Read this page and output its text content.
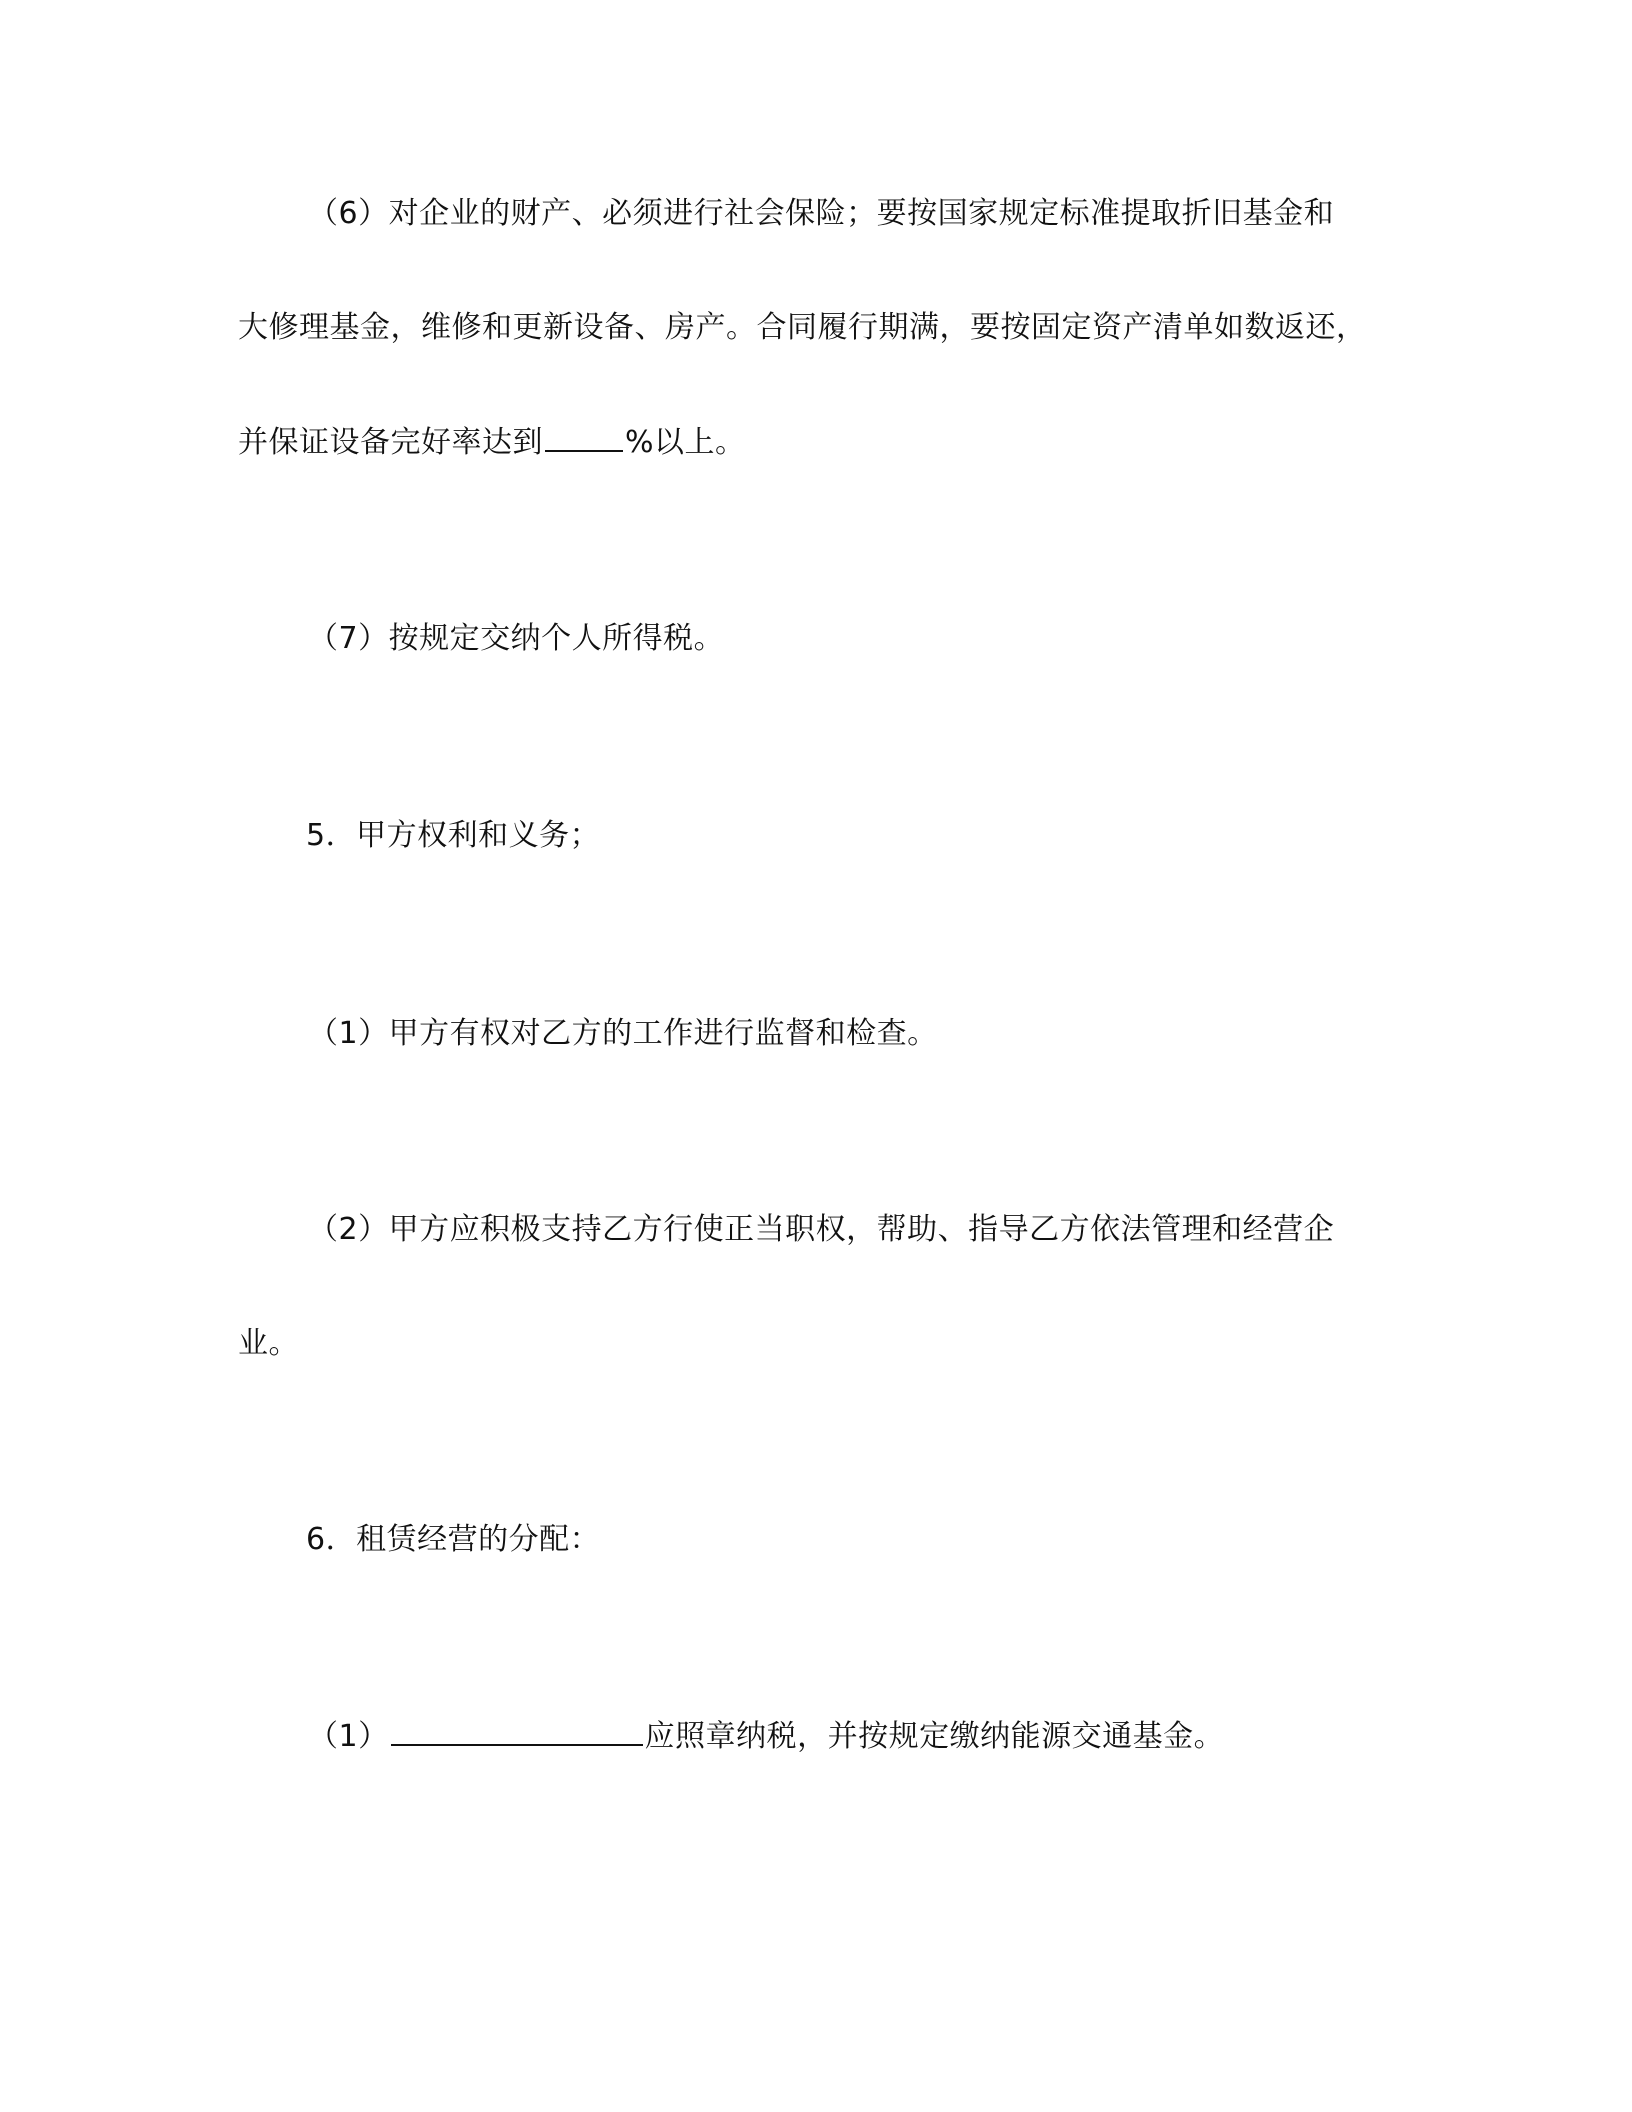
（6）对企业的财产、必须进行社会保险；要按国家规定标准提取折旧基金和
大修理基金，维修和更新设备、房产。合同履行期满，要按固定资产清单如数返还，
并保证设备完好率达到	%以上。
（7）按规定交纳个人所得税。
5．甲方权利和义务；
（1）甲方有权对乙方的工作进行监督和检查。
（2）甲方应积极支持乙方行使正当职权，帮助、指导乙方依法管理和经营企
业。
6．租赁经营的分配：
（1）	应照章纳税，并按规定缴纳能源交通基金。
